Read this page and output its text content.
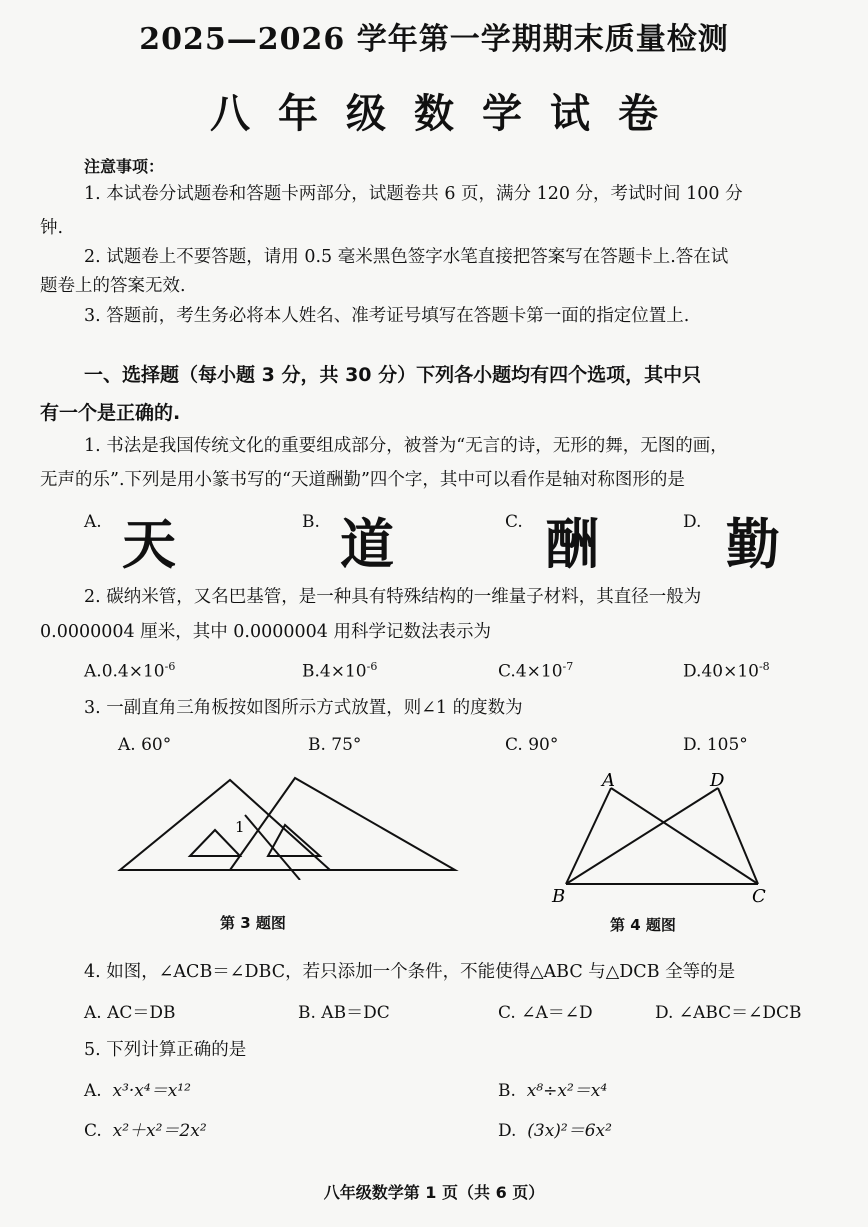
2025—2026 学年第一学期期末质量检测
八年级数学试卷
注意事项：
1. 本试卷分试题卷和答题卡两部分，试题卷共 6 页，满分 120 分，考试时间 100 分
钟.
2. 试题卷上不要答题，请用 0.5 毫米黑色签字水笔直接把答案写在答题卡上.答在试
题卷上的答案无效.
3. 答题前，考生务必将本人姓名、准考证号填写在答题卡第一面的指定位置上.
一、选择题（每小题 3 分，共 30 分）下列各小题均有四个选项，其中只
有一个是正确的.
1. 书法是我国传统文化的重要组成部分，被誉为“无言的诗，无形的舞，无图的画，
无声的乐”.下列是用小篆书写的“天道酬勤”四个字，其中可以看作是轴对称图形的是
A. 天	B. 道	C. 酬	D. 勤
2. 碳纳米管，又名巴基管，是一种具有特殊结构的一维量子材料，其直径一般为
0.0000004 厘米，其中 0.0000004 用科学记数法表示为
$A.0.4\times 10^{-6}$	$B.4\times 10^{-6}$	$C.4\times 10^{-7}$	$D.40\times 10^{-8}$
3. 一副直角三角板按如图所示方式放置，则∠1 的度数为
A. 60°	B. 75°	C. 90°	D. 105°
1
第 3 题图
A	D
B	C
第 4 题图
4. 如图，∠ACB＝∠DBC，若只添加一个条件，不能使得△ABC 与△DCB 全等的是
A. AC＝DB	B. AB＝DC	C. ∠A＝∠D	D. ∠ABC＝∠DCB
5. 下列计算正确的是
A. x³·x⁴＝x¹²	B. x⁸÷x²＝x⁴
C. x²＋x²＝2x²	D. (3x)²＝6x²
八年级数学第 1 页（共 6 页）
